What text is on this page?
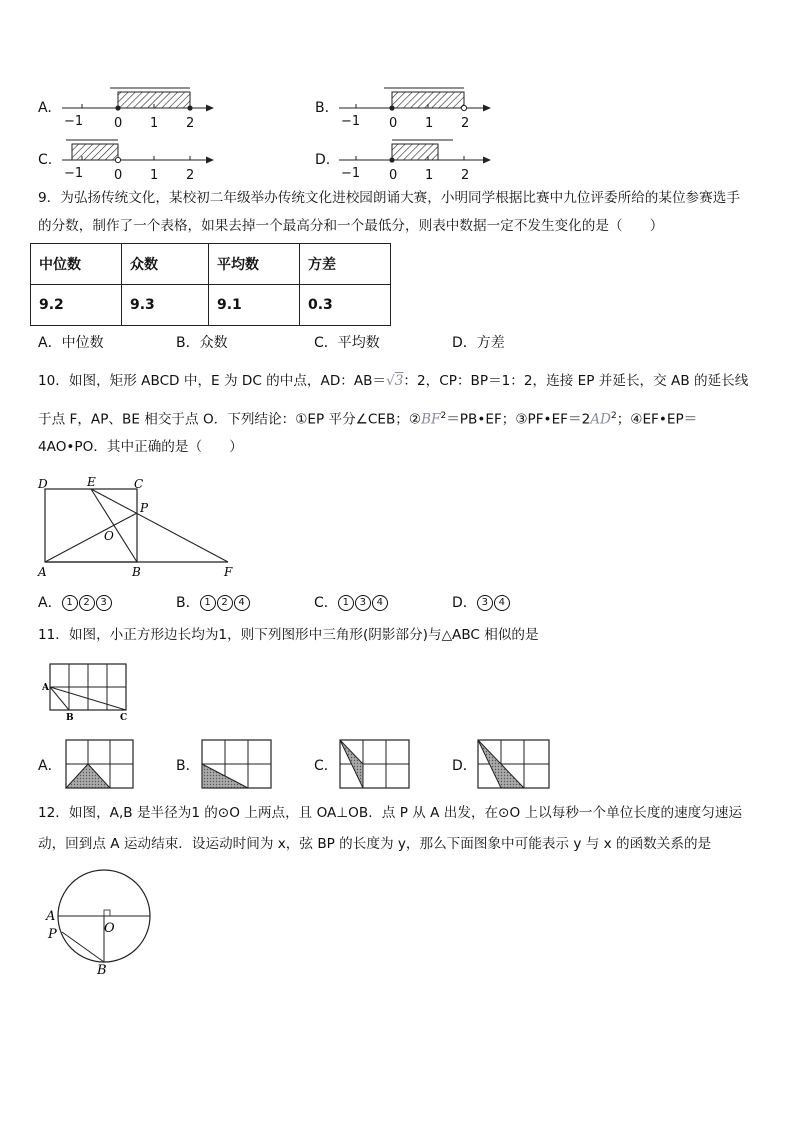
A.
−1 0 1 2
B.
−1 0 1 2
C.
−1 0 1 2
D.
−1 0 1 2
9．为弘扬传统文化，某校初二年级举办传统文化进校园朗诵大赛，小明同学根据比赛中九位评委所给的某位参赛选手
的分数，制作了一个表格，如果去掉一个最高分和一个最低分，则表中数据一定不发生变化的是（　　）
中位数	众数	平均数	方差
9.2	9.3	9.1	0.3
A．中位数	B．众数	C．平均数	D．方差
10．如图，矩形 ABCD 中，E 为 DC 的中点，AD：AB＝√3：2，CP：BP＝1：2，连接 EP 并延长，交 AB 的延长线
于点 F，AP、BE 相交于点 O．下列结论：①EP 平分∠CEB；$②BF^2=PB•EF$；$③PF•EF=2AD^2$；④EF•EP＝
4AO•PO．其中正确的是（　　）
D	E	C
P
O
A	B	F
A． 1 2 3	B． 1 2 4	C． 1 3 4	D． 3 4
11．如图，小正方形边长均为1，则下列图形中三角形(阴影部分)与△ABC 相似的是
A
B	C
A．	B．	C．	D．
12．如图，A,B 是半径为1 的⊙O 上两点，且 OA⊥OB．点 P 从 A 出发，在⊙O 上以每秒一个单位长度的速度匀速运
动，回到点 A 运动结束．设运动时间为 x，弦 BP 的长度为 y，那么下面图象中可能表示 y 与 x 的函数关系的是
A
P	O
B
